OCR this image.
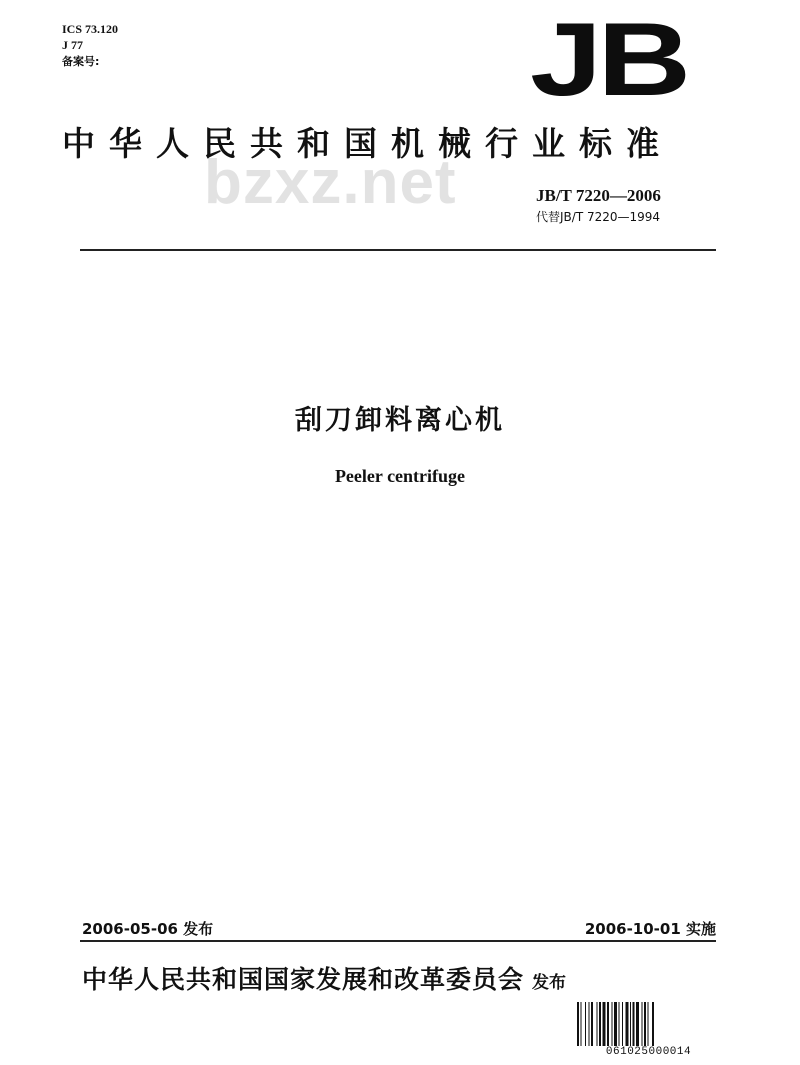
ICS 73.120
J 77
备案号:	JB
bzxz.net
中华人民共和国机械行业标准
JB/T 7220—2006
代替JB/T 7220—1994
刮刀卸料离心机
Peeler centrifuge
2006-05-06 发布	2006-10-01 实施
中华人民共和国国家发展和改革委员会 发布
061025000014
